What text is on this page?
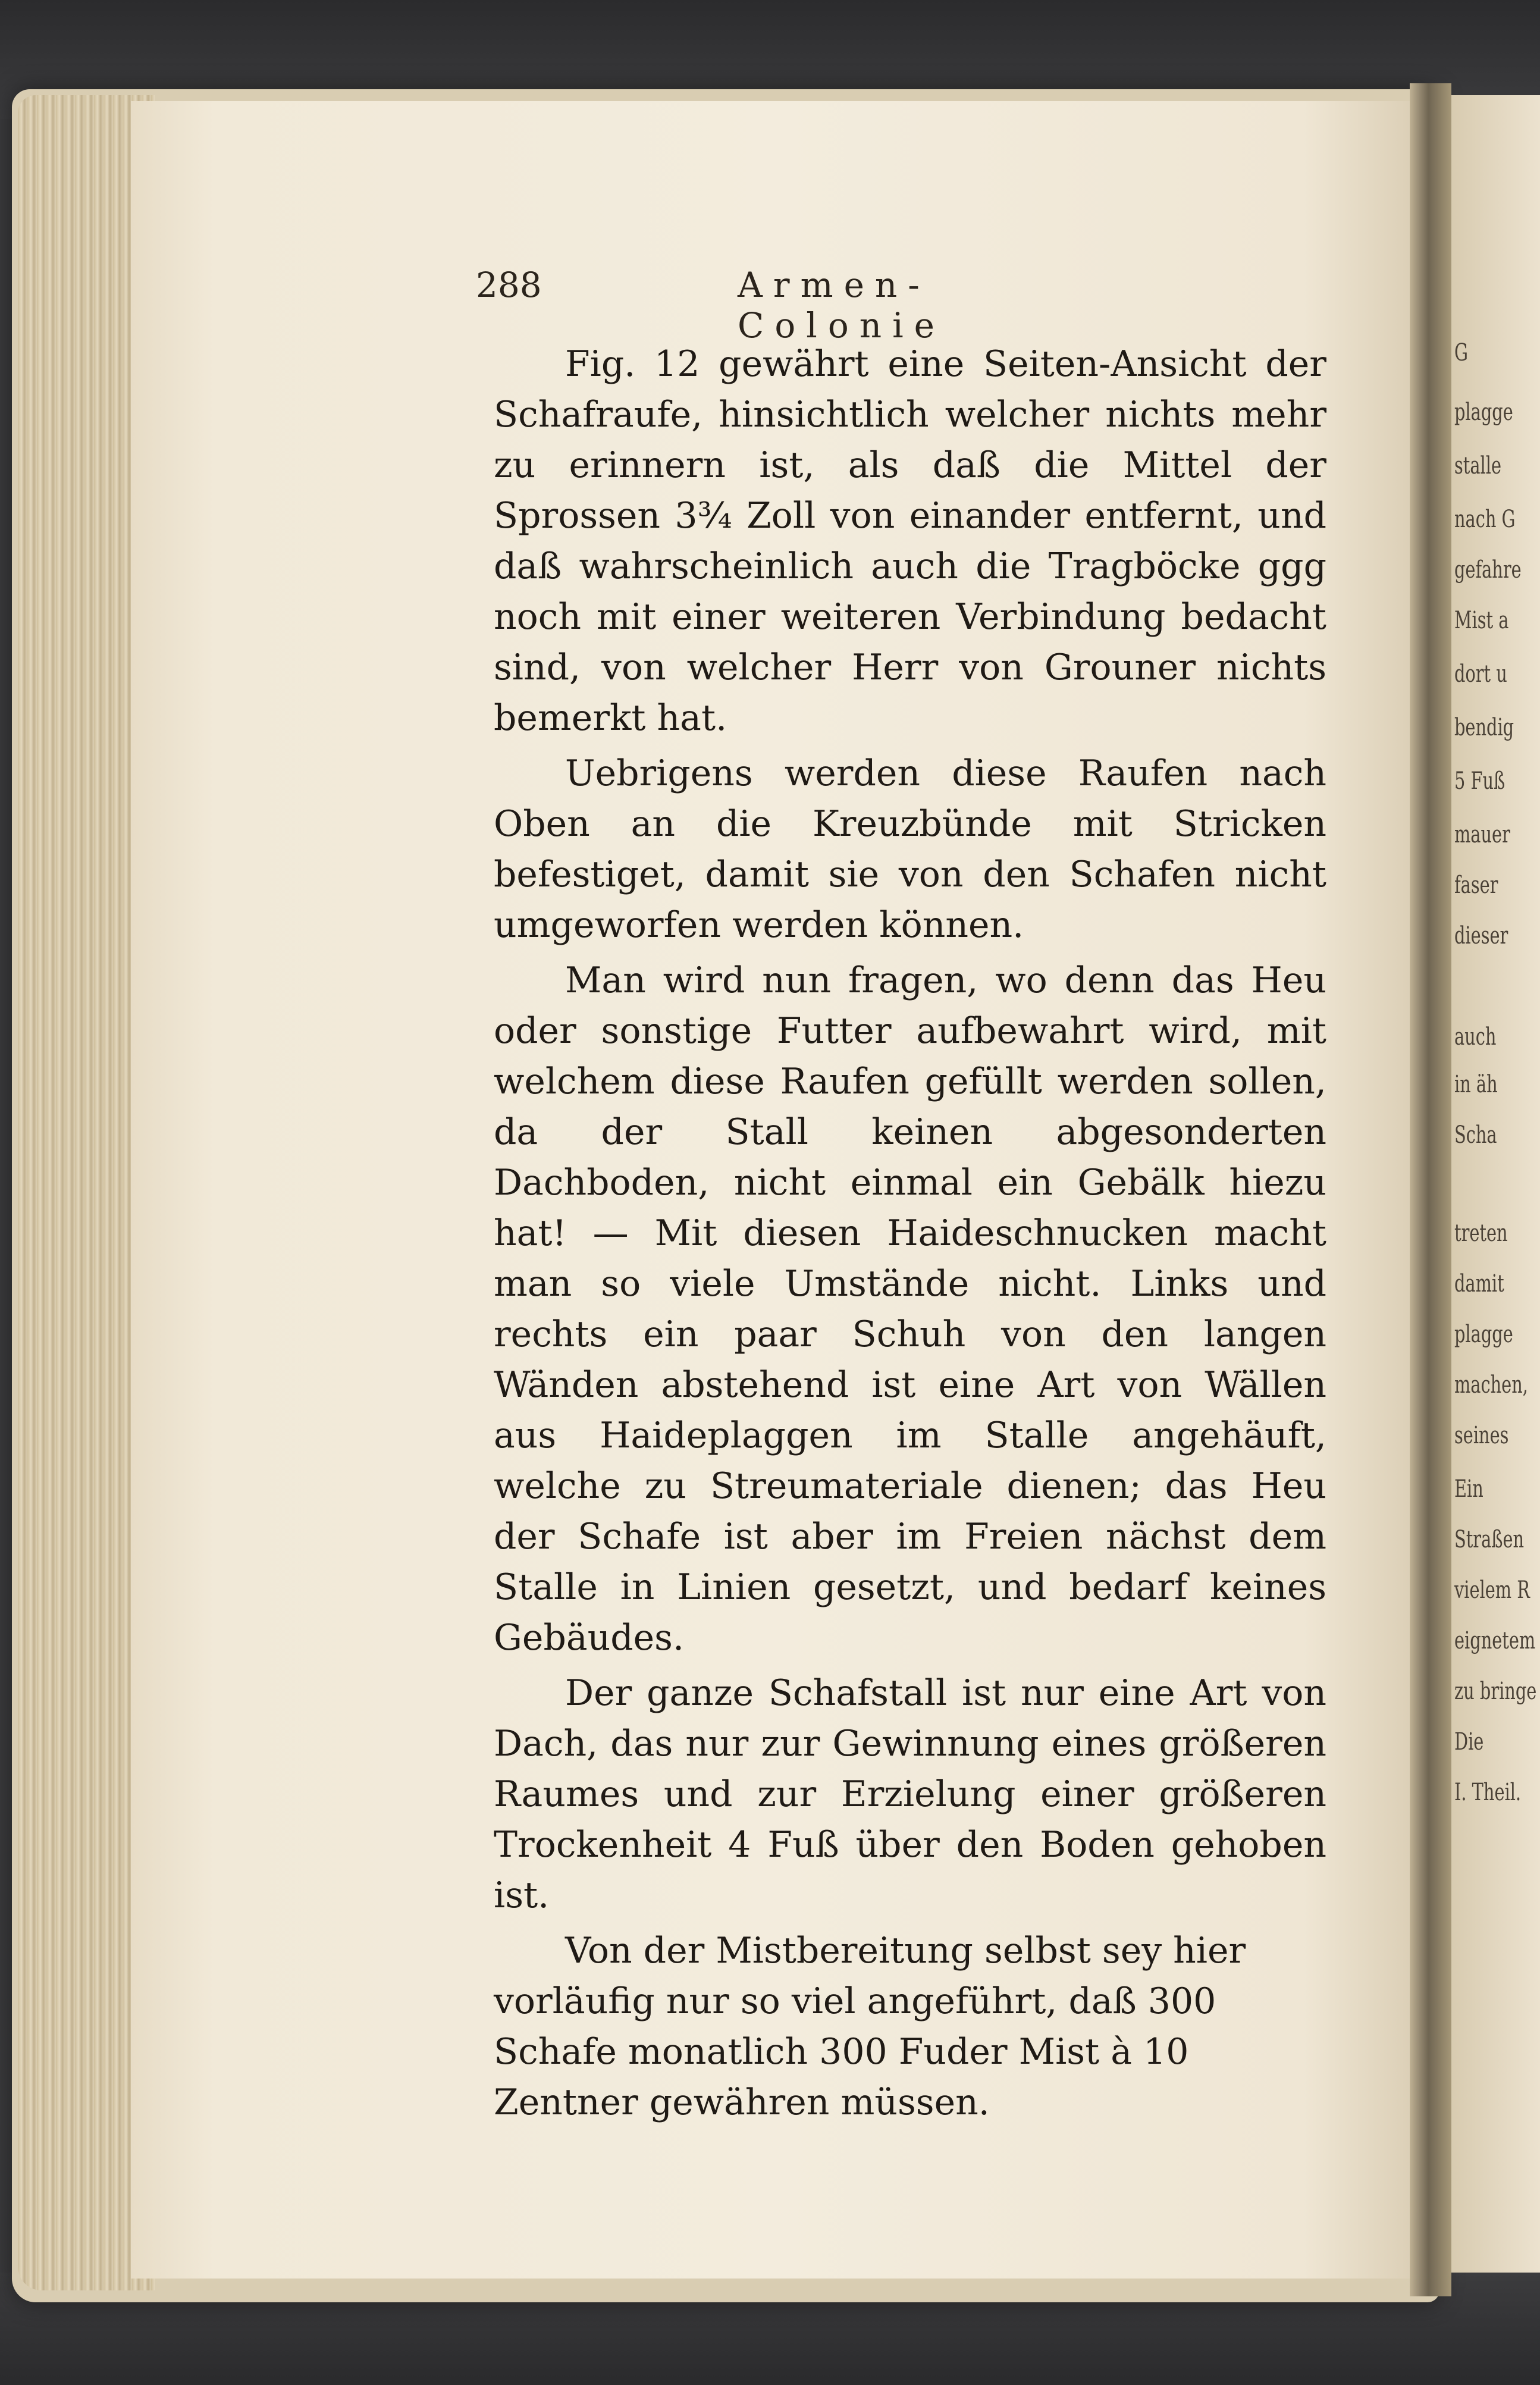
288	Armen-Colonie

Fig. 12 gewährt eine Seiten-Ansicht der Schafraufe, hinsichtlich welcher nichts mehr zu erinnern ist, als daß die Mittel der Sprossen 3¾ Zoll von einander entfernt, und daß wahrscheinlich auch die Tragböcke ggg noch mit einer weiteren Verbindung bedacht sind, von welcher Herr von Grouner nichts bemerkt hat.

Uebrigens werden diese Raufen nach Oben an die Kreuzbünde mit Stricken befestiget, damit sie von den Schafen nicht umgeworfen werden können.

Man wird nun fragen, wo denn das Heu oder sonstige Futter aufbewahrt wird, mit welchem diese Raufen gefüllt werden sollen, da der Stall keinen abgesonderten Dachboden, nicht einmal ein Gebälk hiezu hat! — Mit diesen Haideschnucken macht man so viele Umstände nicht. Links und rechts ein paar Schuh von den langen Wänden abstehend ist eine Art von Wällen aus Haideplaggen im Stalle angehäuft, welche zu Streumateriale dienen; das Heu der Schafe ist aber im Freien nächst dem Stalle in Linien gesetzt, und bedarf keines Gebäudes.

Der ganze Schafstall ist nur eine Art von Dach, das nur zur Gewinnung eines größeren Raumes und zur Erzielung einer größeren Trockenheit 4 Fuß über den Boden gehoben ist.

Von der Mistbereitung selbst sey hier vorläufig nur so viel angeführt, daß 300 Schafe monatlich 300 Fuder Mist à 10 Zentner gewähren müssen.

G
plagge
stalle
nach G
gefahre
Mist a
dort u
bendig
5 Fuß
mauer
faser
dieser
auch
in äh
Scha
treten
damit
plagge
machen,
seines
Ein
Straßen
vielem R
eignetem
zu bringe
Die
I. Theil.
